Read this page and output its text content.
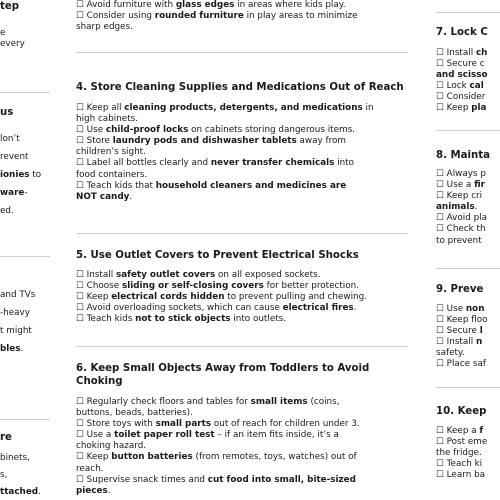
tep

e
every

us

lon’t
revent
ionies to
ware-
ed.

and TVs
-heavy
t might
bles.

re

binets,
s,
ttached.
☐ Avoid furniture with glass edges in areas where kids play.
☐ Consider using rounded furniture in play areas to minimize
sharp edges.

4. Store Cleaning Supplies and Medications Out of Reach

☐ Keep all cleaning products, detergents, and medications in
high cabinets.
☐ Use child-proof locks on cabinets storing dangerous items.
☐ Store laundry pods and dishwasher tablets away from
children’s sight.
☐ Label all bottles clearly and never transfer chemicals into
food containers.
☐ Teach kids that household cleaners and medicines are
NOT candy.

5. Use Outlet Covers to Prevent Electrical Shocks

☐ Install safety outlet covers on all exposed sockets.
☐ Choose sliding or self-closing covers for better protection.
☐ Keep electrical cords hidden to prevent pulling and chewing.
☐ Avoid overloading sockets, which can cause electrical fires.
☐ Teach kids not to stick objects into outlets.

6. Keep Small Objects Away from Toddlers to Avoid Choking

☐ Regularly check floors and tables for small items (coins,
buttons, beads, batteries).
☐ Store toys with small parts out of reach for children under 3.
☐ Use a toilet paper roll test – if an item fits inside, it’s a
choking hazard.
☐ Keep button batteries (from remotes, toys, watches) out of
reach.
☐ Supervise snack times and cut food into small, bite-sized
pieces.

7. Lock C

☐ Install ch
☐ Secure c
and scisso
☐ Lock cal
☐ Consider
☐ Keep pla

8. Mainta

☐ Always p
☐ Use a fir
☐ Keep cri
animals.
☐ Avoid pla
☐ Check th
to prevent

9. Preve

☐ Use non
☐ Keep floo
☐ Secure l
☐ Install n
safety.
☐ Place saf

10. Keep

☐ Keep a f
☐ Post eme
the fridge.
☐ Teach ki
☐ Learn ba
